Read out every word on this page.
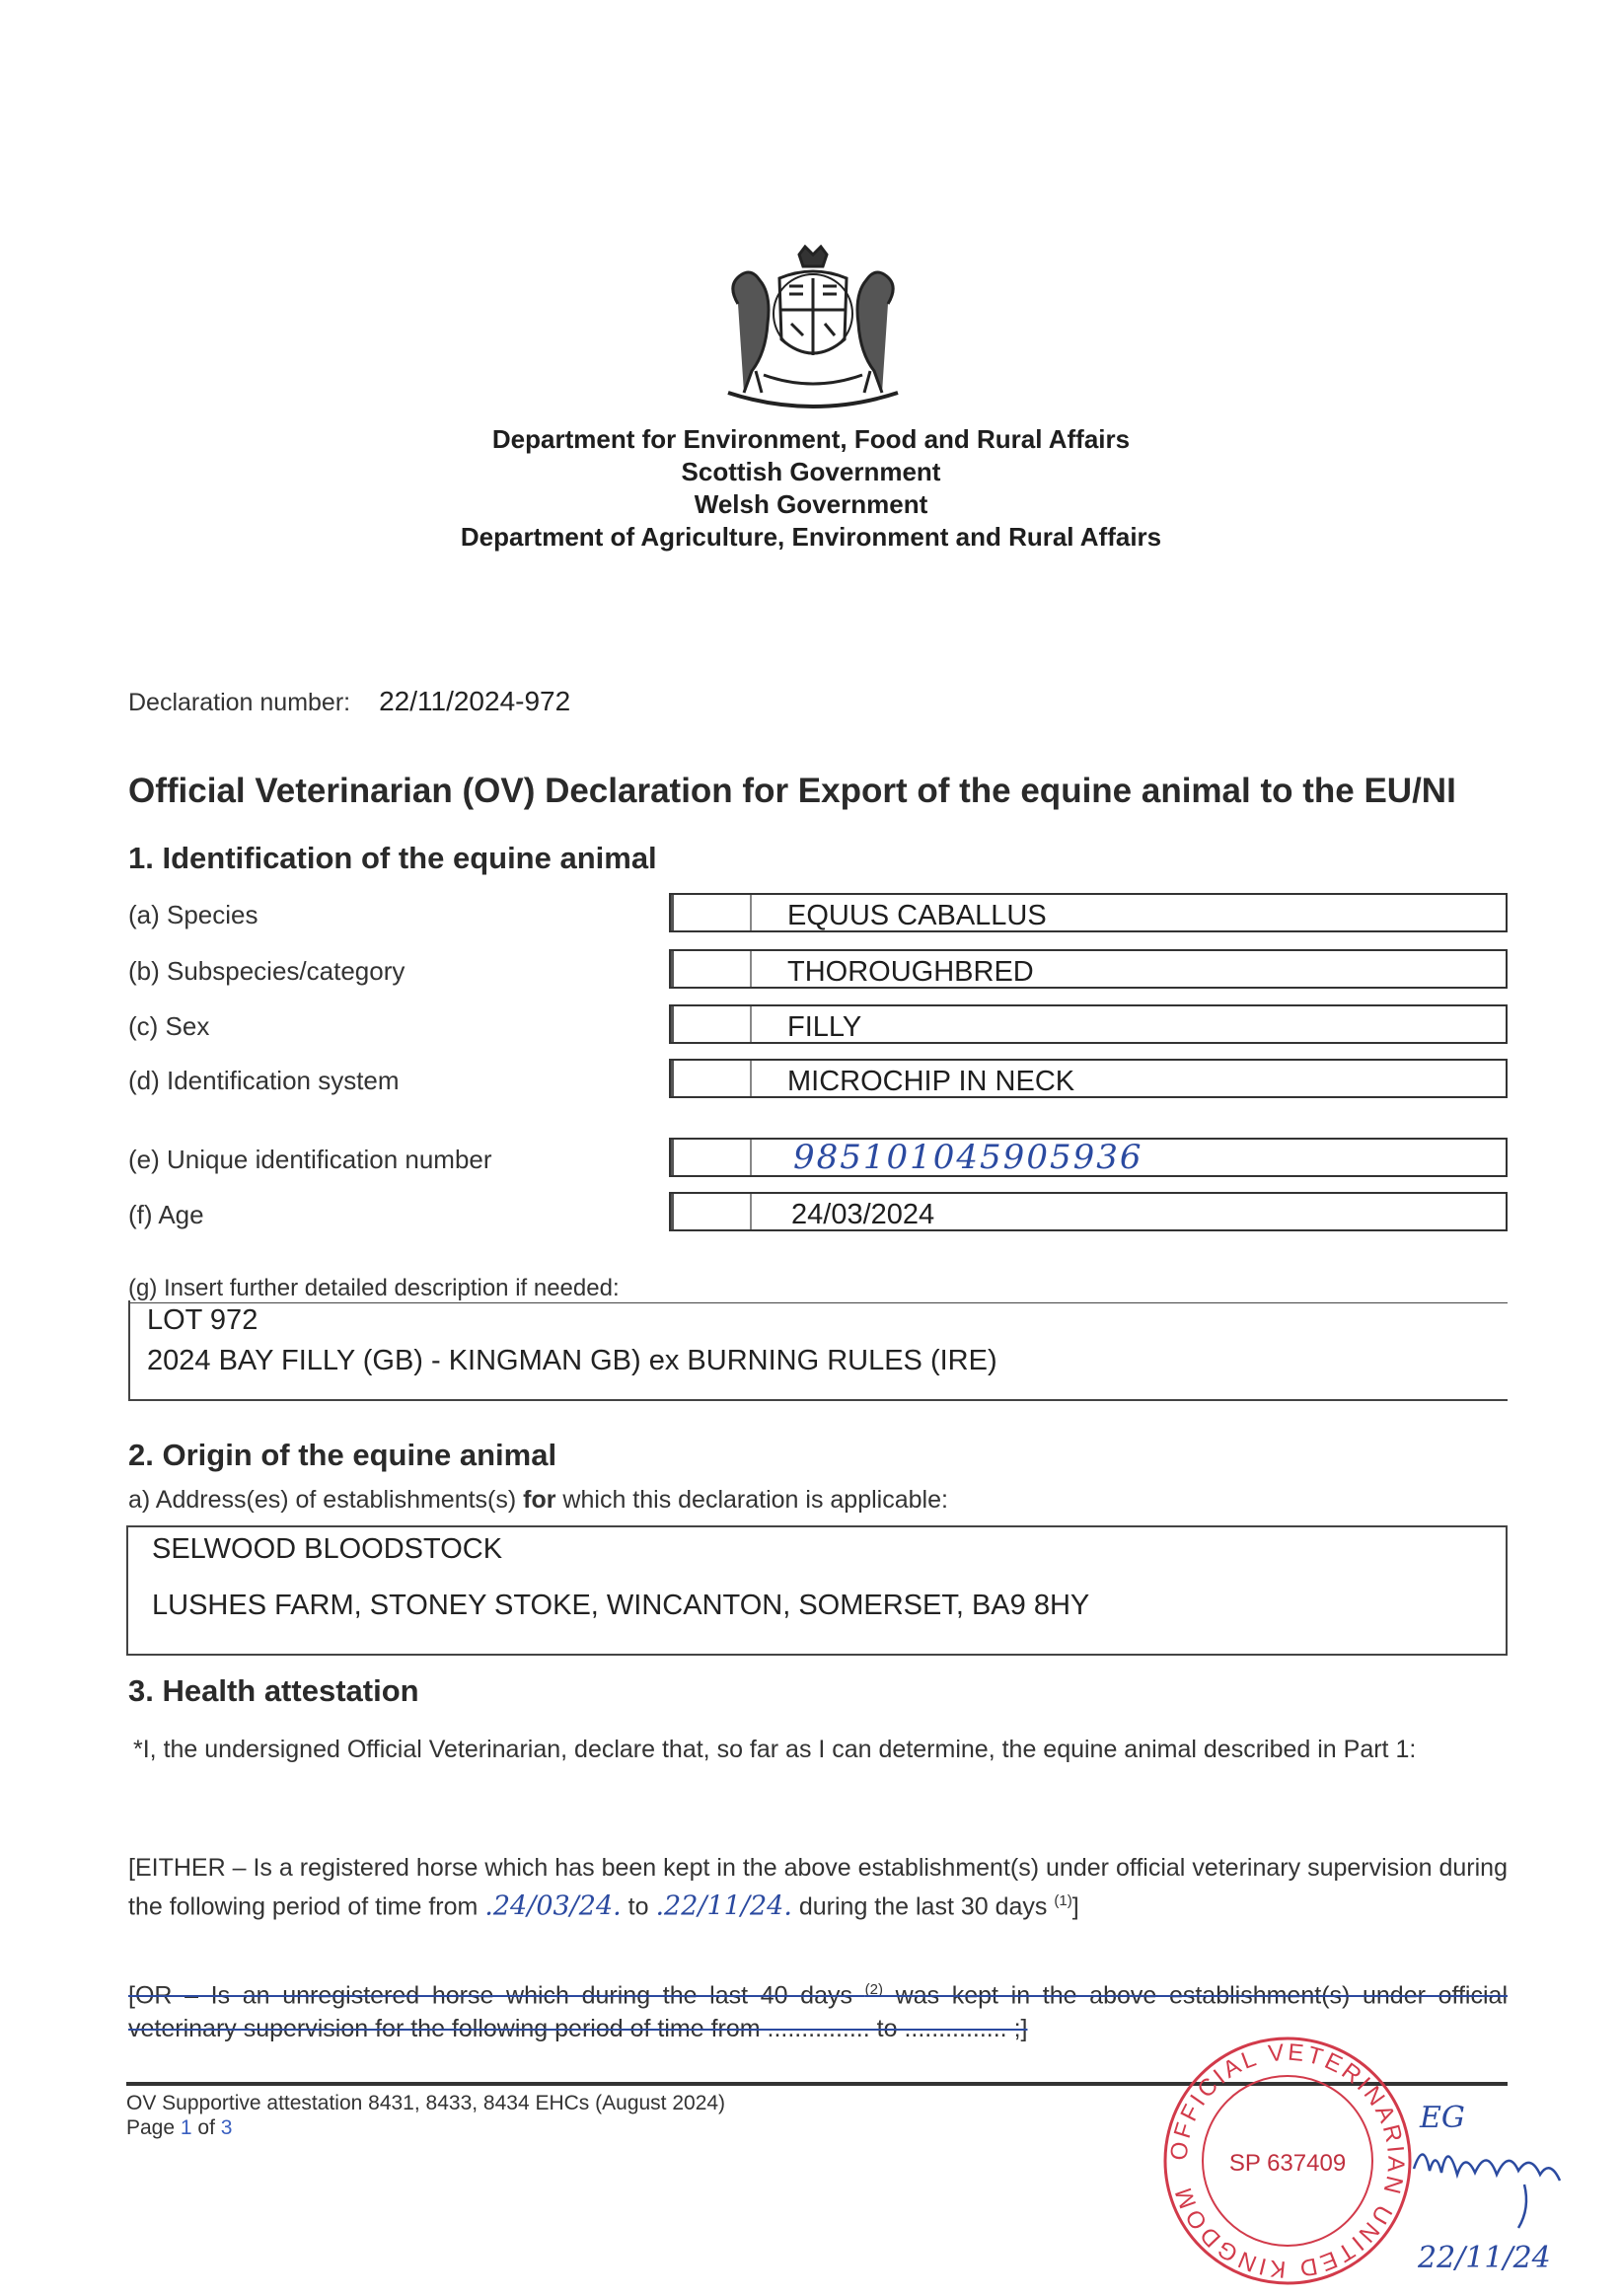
Department for Environment, Food and Rural Affairs
Scottish Government
Welsh Government
Department of Agriculture, Environment and Rural Affairs
Declaration number: 22/11/2024-972
Official Veterinarian (OV) Declaration for Export of the equine animal to the EU/NI
1. Identification of the equine animal
(a) Species	EQUUS CABALLUS
(b) Subspecies/category	THOROUGHBRED
(c) Sex	FILLY
(d) Identification system	MICROCHIP IN NECK
(e) Unique identification number	985101045905936
(f) Age	24/03/2024
(g) Insert further detailed description if needed:
LOT 972
2024 BAY FILLY (GB) - KINGMAN GB) ex BURNING RULES (IRE)
2. Origin of the equine animal
a) Address(es) of establishments(s) for which this declaration is applicable:
SELWOOD BLOODSTOCK
LUSHES FARM, STONEY STOKE, WINCANTON, SOMERSET, BA9 8HY
3. Health attestation
*I, the undersigned Official Veterinarian, declare that, so far as I can determine, the equine animal described in Part 1:
[EITHER – Is a registered horse which has been kept in the above establishment(s) under official veterinary supervision during the following period of time from .24/03/24. to .22/11/24. during the last 30 days $^{(1)}$]
[OR – Is an unregistered horse which during the last 40 days $^{(2)}$ was kept in the above establishment(s) under official veterinary supervision for the following period of time from ............... to ............... ;]
OV Supportive attestation 8431, 8433, 8434 EHCs (August 2024)
Page 1 of 3
OFFICIAL VETERINARIAN UNITED KINGDOM
SP 637409
EG
22/11/24
